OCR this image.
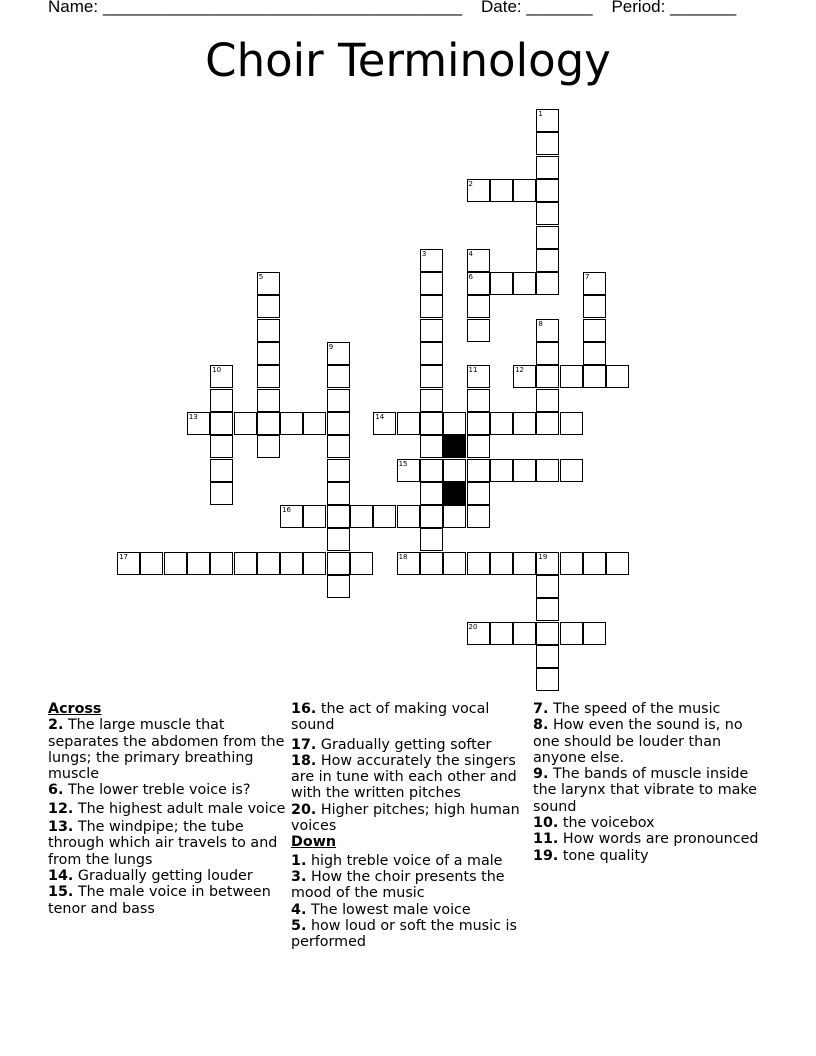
Name: ______________________________________ Date: _______ Period: _______
Choir Terminology
1
2
3	4
6
5	7
8
9
10	11	12
13	14
15
16
17	18	19
20

Across

2. The large muscle that separates the abdomen from the lungs; the primary breathing muscle

6. The lower treble voice is?

12. The highest adult male voice

13. The windpipe; the tube through which air travels to and from the lungs

14. Gradually getting louder

15. The male voice in between tenor and bass

16. the act of making vocal sound

17. Gradually getting softer

18. How accurately the singers are in tune with each other and with the written pitches

20. Higher pitches; high human voices

Down

1. high treble voice of a male

3. How the choir presents the mood of the music

4. The lowest male voice

5. how loud or soft the music is performed

7. The speed of the music

8. How even the sound is, no one should be louder than anyone else.

9. The bands of muscle inside the larynx that vibrate to make sound

10. the voicebox

11. How words are pronounced

19. tone quality
